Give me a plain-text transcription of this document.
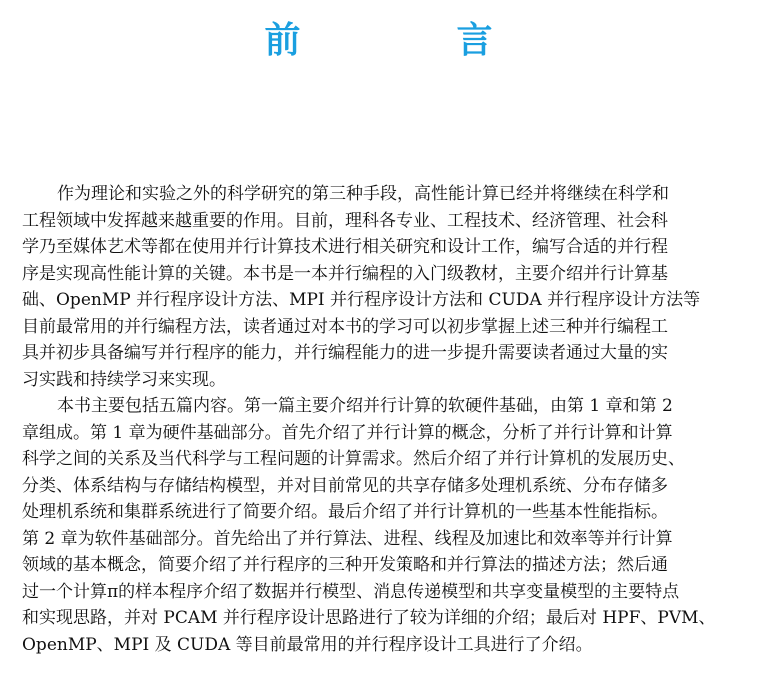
前　言

作为理论和实验之外的科学研究的第三种手段，高性能计算已经并将继续在科学和
工程领域中发挥越来越重要的作用。目前，理科各专业、工程技术、经济管理、社会科
学乃至媒体艺术等都在使用并行计算技术进行相关研究和设计工作，编写合适的并行程
序是实现高性能计算的关键。本书是一本并行编程的入门级教材，主要介绍并行计算基
础、OpenMP 并行程序设计方法、MPI 并行程序设计方法和 CUDA 并行程序设计方法等
目前最常用的并行编程方法，读者通过对本书的学习可以初步掌握上述三种并行编程工
具并初步具备编写并行程序的能力，并行编程能力的进一步提升需要读者通过大量的实
习实践和持续学习来实现。

本书主要包括五篇内容。第一篇主要介绍并行计算的软硬件基础，由第 1 章和第 2
章组成。第 1 章为硬件基础部分。首先介绍了并行计算的概念，分析了并行计算和计算
科学之间的关系及当代科学与工程问题的计算需求。然后介绍了并行计算机的发展历史、
分类、体系结构与存储结构模型，并对目前常见的共享存储多处理机系统、分布存储多
处理机系统和集群系统进行了简要介绍。最后介绍了并行计算机的一些基本性能指标。
第 2 章为软件基础部分。首先给出了并行算法、进程、线程及加速比和效率等并行计算
领域的基本概念，简要介绍了并行程序的三种开发策略和并行算法的描述方法；然后通
过一个计算π的样本程序介绍了数据并行模型、消息传递模型和共享变量模型的主要特点
和实现思路，并对 PCAM 并行程序设计思路进行了较为详细的介绍；最后对 HPF、PVM、
OpenMP、MPI 及 CUDA 等目前最常用的并行程序设计工具进行了介绍。
